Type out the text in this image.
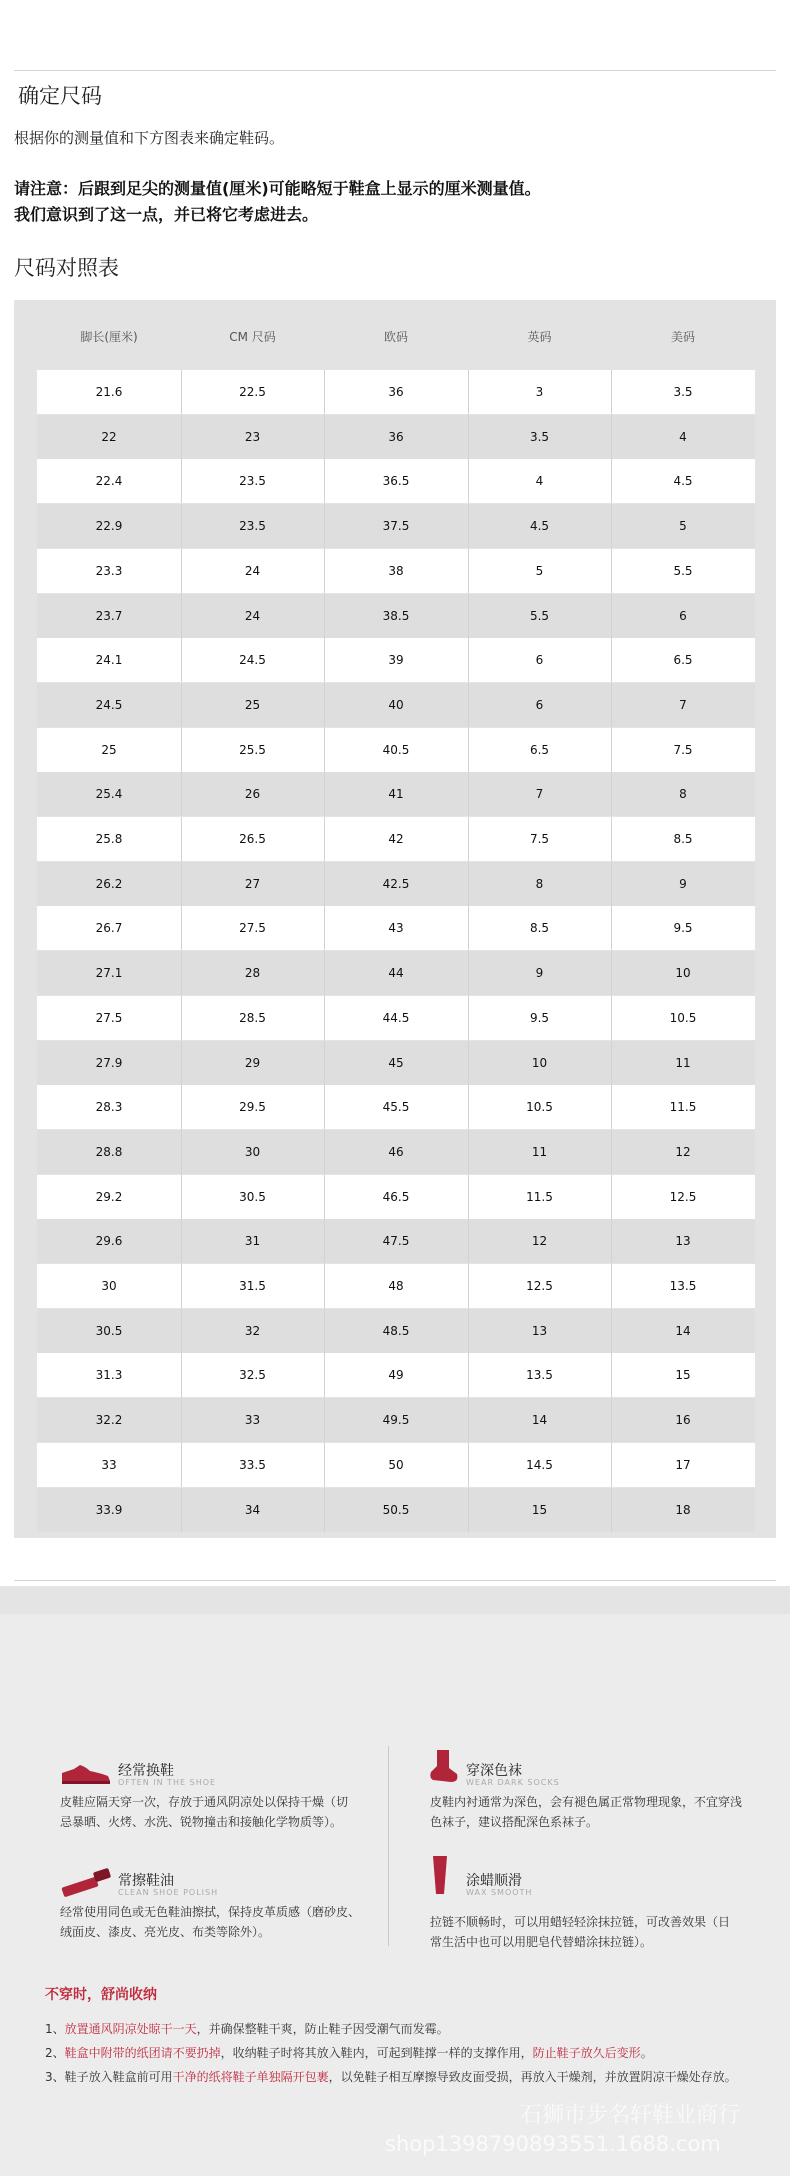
确定尺码
根据你的测量值和下方图表来确定鞋码。
请注意：后跟到足尖的测量值(厘米)可能略短于鞋盒上显示的厘米测量值。
我们意识到了这一点，并已将它考虑进去。
尺码对照表
脚长(厘米)	CM 尺码	欧码	英码	美码
21.6	22.5	36	3	3.5
22	23	36	3.5	4
22.4	23.5	36.5	4	4.5
22.9	23.5	37.5	4.5	5
23.3	24	38	5	5.5
23.7	24	38.5	5.5	6
24.1	24.5	39	6	6.5
24.5	25	40	6	7
25	25.5	40.5	6.5	7.5
25.4	26	41	7	8
25.8	26.5	42	7.5	8.5
26.2	27	42.5	8	9
26.7	27.5	43	8.5	9.5
27.1	28	44	9	10
27.5	28.5	44.5	9.5	10.5
27.9	29	45	10	11
28.3	29.5	45.5	10.5	11.5
28.8	30	46	11	12
29.2	30.5	46.5	11.5	12.5
29.6	31	47.5	12	13
30	31.5	48	12.5	13.5
30.5	32	48.5	13	14
31.3	32.5	49	13.5	15
32.2	33	49.5	14	16
33	33.5	50	14.5	17
33.9	34	50.5	15	18
经常换鞋
OFTEN IN THE SHOE
皮鞋应隔天穿一次，存放于通风阴凉处以保持干燥（切
忌暴晒、火烤、水洗、锐物撞击和接触化学物质等）。
穿深色袜
WEAR DARK SOCKS
皮鞋内衬通常为深色，会有褪色属正常物理现象，不宜穿浅
色袜子，建议搭配深色系袜子。
常擦鞋油
CLEAN SHOE POLISH
经常使用同色或无色鞋油擦拭，保持皮革质感（磨砂皮、
绒面皮、漆皮、亮光皮、布类等除外）。
涂蜡顺滑
WAX SMOOTH
拉链不顺畅时，可以用蜡轻轻涂抹拉链，可改善效果（日
常生活中也可以用肥皂代替蜡涂抹拉链）。
不穿时，舒尚收纳
1、放置通风阴凉处晾干一天，并确保整鞋干爽，防止鞋子因受潮气而发霉。
2、鞋盒中附带的纸团请不要扔掉，收纳鞋子时将其放入鞋内，可起到鞋撑一样的支撑作用，防止鞋子放久后变形。
3、鞋子放入鞋盒前可用干净的纸将鞋子单独隔开包裹，以免鞋子相互摩擦导致皮面受损，再放入干燥剂，并放置阴凉干燥处存放。
石狮市步名轩鞋业商行
shop1398790893551.1688.com
